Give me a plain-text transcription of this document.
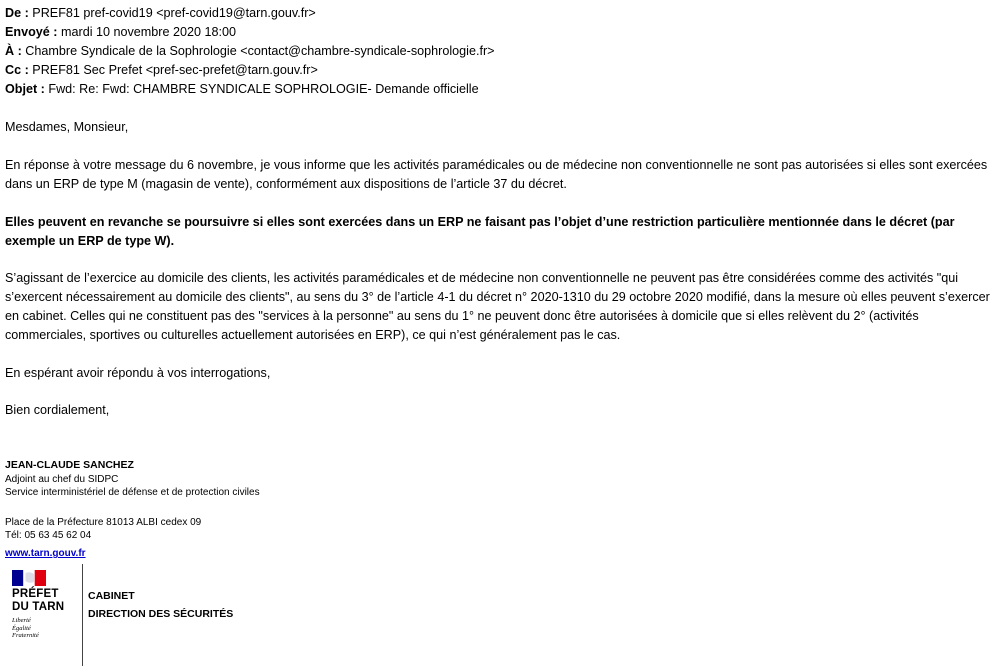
De : PREF81 pref-covid19 <pref-covid19@tarn.gouv.fr>
Envoyé : mardi 10 novembre 2020 18:00
À : Chambre Syndicale de la Sophrologie <contact@chambre-syndicale-sophrologie.fr>
Cc : PREF81 Sec Prefet <pref-sec-prefet@tarn.gouv.fr>
Objet : Fwd: Re: Fwd: CHAMBRE SYNDICALE SOPHROLOGIE- Demande officielle
Mesdames, Monsieur,
En réponse à votre message du 6 novembre, je vous informe que les activités paramédicales ou de médecine non conventionnelle ne sont pas autorisées si elles sont exercées dans un ERP de type M (magasin de vente), conformément aux dispositions de l’article 37 du décret.
Elles peuvent en revanche se poursuivre si elles sont exercées dans un ERP ne faisant pas l’objet d’une restriction particulière mentionnée dans le décret (par exemple un ERP de type W).
S’agissant de l’exercice au domicile des clients, les activités paramédicales et de médecine non conventionnelle ne peuvent pas être considérées comme des activités "qui s’exercent nécessairement au domicile des clients", au sens du 3° de l’article 4-1 du décret n° 2020-1310 du 29 octobre 2020 modifié, dans la mesure où elles peuvent s’exercer en cabinet. Celles qui ne constituent pas des "services à la personne" au sens du 1° ne peuvent donc être autorisées à domicile que si elles relèvent du 2° (activités commerciales, sportives ou culturelles actuellement autorisées en ERP), ce qui n’est généralement pas le cas.
En espérant avoir répondu à vos interrogations,
Bien cordialement,
JEAN-CLAUDE SANCHEZ
Adjoint au chef du SIDPC
Service interministériel de défense et de protection civiles
Place de la Préfecture 81013 ALBI cedex 09
Tél: 05 63 45 62 04
www.tarn.gouv.fr
PRÉFET
DU TARN
Liberté
Égalité
Fraternité
CABINET
DIRECTION DES SÉCURITÉS
